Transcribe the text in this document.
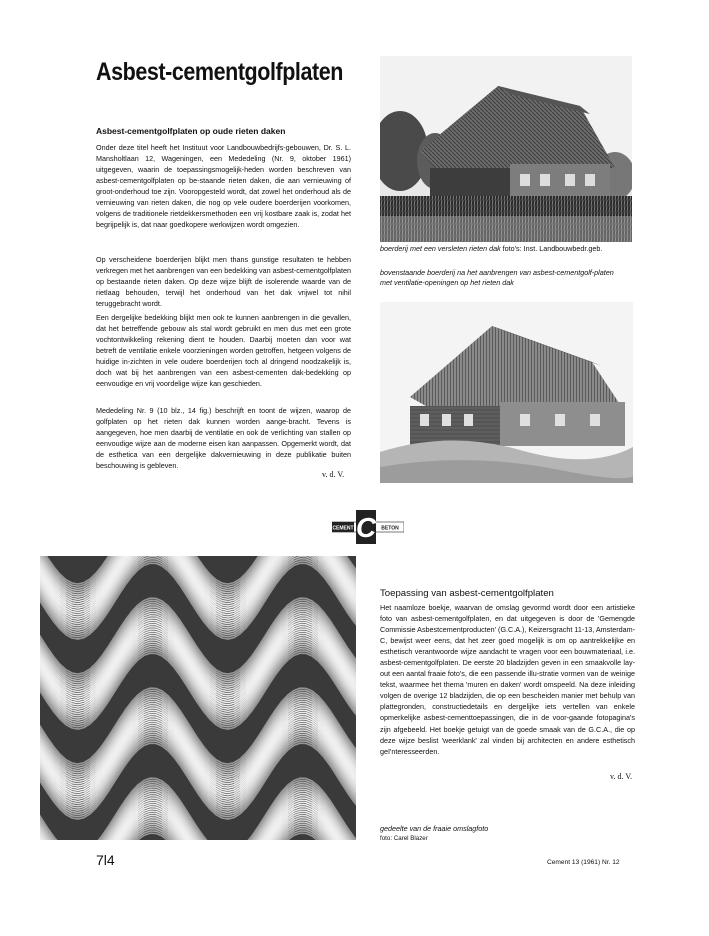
Asbest-cementgolfplaten
Asbest-cementgolfplaten op oude rieten daken

Onder deze titel heeft het Instituut voor Landbouwbedrijfs-gebouwen, Dr. S. L. Mansholtlaan 12, Wageningen, een Mededeling (Nr. 9, oktober 1961) uitgegeven, waarin de toepassingsmogelijk-heden worden beschreven van asbest-cementgolfplaten op be-staande rieten daken, die aan vernieuwing of groot-onderhoud toe zijn. Vooropgesteld wordt, dat zowel het onderhoud als de vernieuwing van rieten daken, die nog op vele oudere boerderijen voorkomen, volgens de traditionele rietdekkersmethoden een vrij kostbare zaak is, zodat het begrijpelijk is, dat naar goedkopere werkwijzen wordt omgezien.

Op verscheidene boerderijen blijkt men thans gunstige resultaten te hebben verkregen met het aanbrengen van een bedekking van asbest-cementgolfplaten op bestaande rieten daken. Op deze wijze blijft de isolerende waarde van de rietlaag behouden, terwijl het onderhoud van het dak vrijwel tot nihil teruggebracht wordt.

Een dergelijke bedekking blijkt men ook te kunnen aanbrengen in die gevallen, dat het betreffende gebouw als stal wordt gebruikt en men dus met een grote vochtontwikkeling rekening dient te houden. Daarbij moeten dan voor wat betreft de ventilatie enkele voorzieningen worden getroffen, hetgeen volgens de huidige in-zichten in vele oudere boerderijen toch al dringend noodzakelijk is, doch wat bij het aanbrengen van een asbest-cementen dak-bedekking op eenvoudige en vrij voordelige wijze kan geschieden.

Mededeling Nr. 9 (10 blz., 14 fig.) beschrijft en toont de wijzen, waarop de golfplaten op het rieten dak kunnen worden aange-bracht. Tevens is aangegeven, hoe men daarbij de ventilatie en ook de verlichting van stallen op eenvoudige wijze aan de moderne eisen kan aanpassen. Opgemerkt wordt, dat de esthetica van een dergelijke dakvernieuwing in deze publikatie buiten beschouwing is gebleven.

v. d. V.
boerderij met een versleten rieten dak foto's: Inst. Landbouwbedr.geb.
bovenstaande boerderij na het aanbrengen van asbest-cementgolf-platen met ventilatie-openingen op het rieten dak
CEMENT C BETON
Toepassing van asbest-cementgolfplaten

Het naamloze boekje, waarvan de omslag gevormd wordt door een artistieke foto van asbest-cementgolfplaten, en dat uitgegeven is door de 'Gemengde Commissie Asbestcementproducten' (G.C.A.), Keizersgracht 11-13, Amsterdam-C, bewijst weer eens, dat het zeer goed mogelijk is om op aantrekkelijke en esthetisch verantwoorde wijze aandacht te vragen voor een bouwmateriaal, i.e. asbest-cementgolfplaten. De eerste 20 bladzijden geven in een smaakvolle lay-out een aantal fraaie foto's, die een passende illu-stratie vormen van de weinige tekst, waarmee het thema 'muren en daken' wordt omspeeld. Na deze inleiding volgen de overige 12 bladzijden, die op een bescheiden manier met behulp van plattegronden, constructiedetails en dergelijke iets vertellen van enkele opmerkelijke asbest-cementtoepassingen, die in de voor-gaande fotopagina's zijn afgebeeld. Het boekje getuigt van de goede smaak van de G.C.A., die op deze wijze beslist 'weerklank' zal vinden bij architecten en andere esthetisch geï'nteresseerden.

v. d. V.
gedeelte van de fraaie omslagfoto
foto: Carel Blazer
7l4	Cement 13 (1961) Nr. 12
